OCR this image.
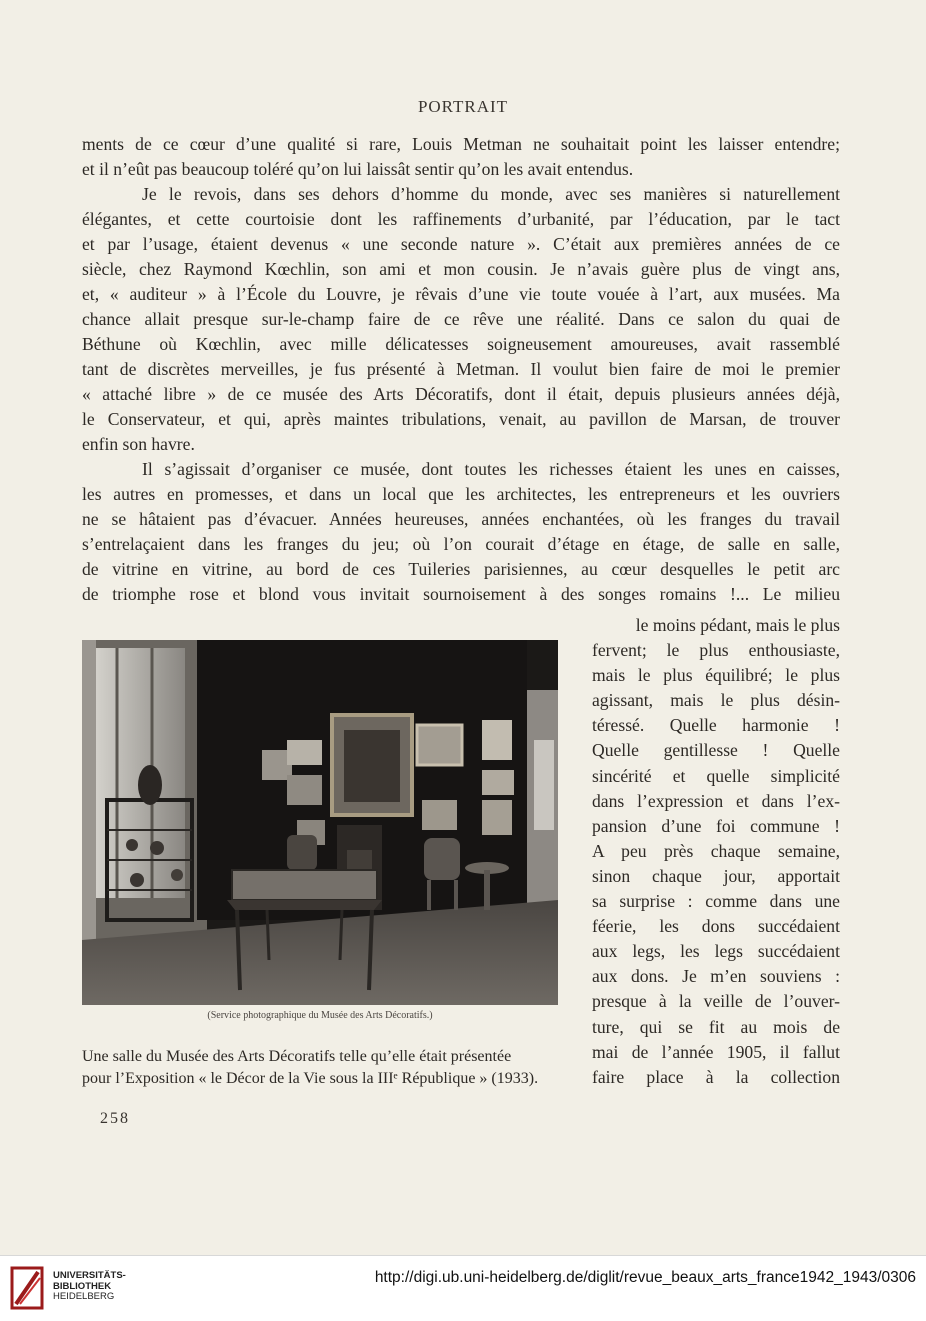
PORTRAIT
ments de ce cœur d’une qualité si rare, Louis Metman ne souhaitait point les laisser entendre;
et il n’eût pas beaucoup toléré qu’on lui laissât sentir qu’on les avait entendus.
Je le revois, dans ses dehors d’homme du monde, avec ses manières si naturellement
élégantes, et cette courtoisie dont les raffinements d’urbanité, par l’éducation, par le tact
et par l’usage, étaient devenus « une seconde nature ». C’était aux premières années de ce
siècle, chez Raymond Kœchlin, son ami et mon cousin. Je n’avais guère plus de vingt ans,
et, « auditeur » à l’École du Louvre, je rêvais d’une vie toute vouée à l’art, aux musées. Ma
chance allait presque sur-le-champ faire de ce rêve une réalité. Dans ce salon du quai de
Béthune où Kœchlin, avec mille délicatesses soigneusement amoureuses, avait rassemblé
tant de discrètes merveilles, je fus présenté à Metman. Il voulut bien faire de moi le premier
« attaché libre » de ce musée des Arts Décoratifs, dont il était, depuis plusieurs années déjà,
le Conservateur, et qui, après maintes tribulations, venait, au pavillon de Marsan, de trouver
enfin son havre.
Il s’agissait d’organiser ce musée, dont toutes les richesses étaient les unes en caisses,
les autres en promesses, et dans un local que les architectes, les entrepreneurs et les ouvriers
ne se hâtaient pas d’évacuer. Années heureuses, années enchantées, où les franges du travail
s’entrelaçaient dans les franges du jeu; où l’on courait d’étage en étage, de salle en salle,
de vitrine en vitrine, au bord de ces Tuileries parisiennes, au cœur desquelles le petit arc
de triomphe rose et blond vous invitait sournoisement à des songes romains !... Le milieu
(Service photographique du Musée des Arts Décoratifs.)
Une salle du Musée des Arts Décoratifs telle qu’elle était présentée
pour l’Exposition « le Décor de la Vie sous la IIIᵉ République » (1933).
le moins pédant, mais le plus
fervent; le plus enthousiaste,
mais le plus équilibré; le plus
agissant, mais le plus désin-
téressé. Quelle harmonie !
Quelle gentillesse ! Quelle
sincérité et quelle simplicité
dans l’expression et dans l’ex-
pansion d’une foi commune !
A peu près chaque semaine,
sinon chaque jour, apportait
sa surprise : comme dans une
féerie, les dons succédaient
aux legs, les legs succédaient
aux dons. Je m’en souviens :
presque à la veille de l’ouver-
ture, qui se fit au mois de
mai de l’année 1905, il fallut
faire place à la collection
258
UNIVERSITÄTS-
BIBLIOTHEK
HEIDELBERG
http://digi.ub.uni-heidelberg.de/diglit/revue_beaux_arts_france1942_1943/0306
